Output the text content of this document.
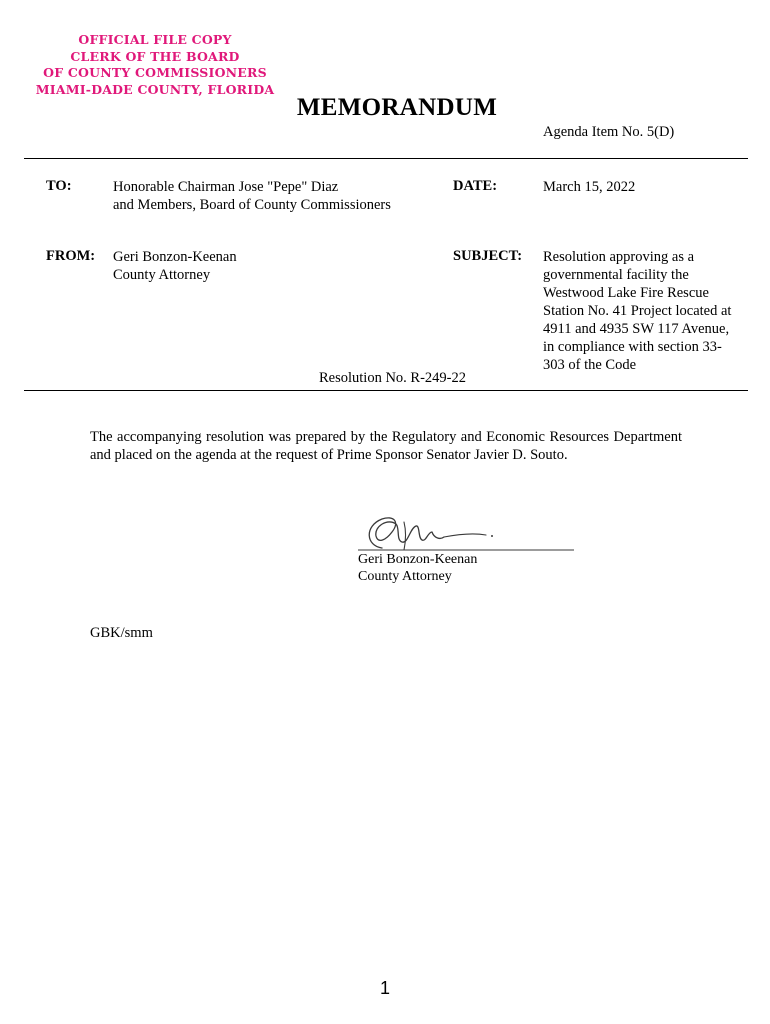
OFFICIAL FILE COPY
CLERK OF THE BOARD
OF COUNTY COMMISSIONERS
MIAMI-DADE COUNTY, FLORIDA
MEMORANDUM
Agenda Item No. 5(D)
TO:	Honorable Chairman Jose "Pepe" Diaz
and Members, Board of County Commissioners
DATE:	March 15, 2022
FROM: Geri Bonzon-Keenan
County Attorney
SUBJECT: Resolution approving as a
governmental facility the
Westwood Lake Fire Rescue
Station No. 41 Project located at
4911 and 4935 SW 117 Avenue,
in compliance with section 33-
303 of the Code
Resolution No. R-249-22
The accompanying resolution was prepared by the Regulatory and Economic Resources Department and placed on the agenda at the request of Prime Sponsor Senator Javier D. Souto.
Geri Bonzon-Keenan
County Attorney
GBK/smm
1
